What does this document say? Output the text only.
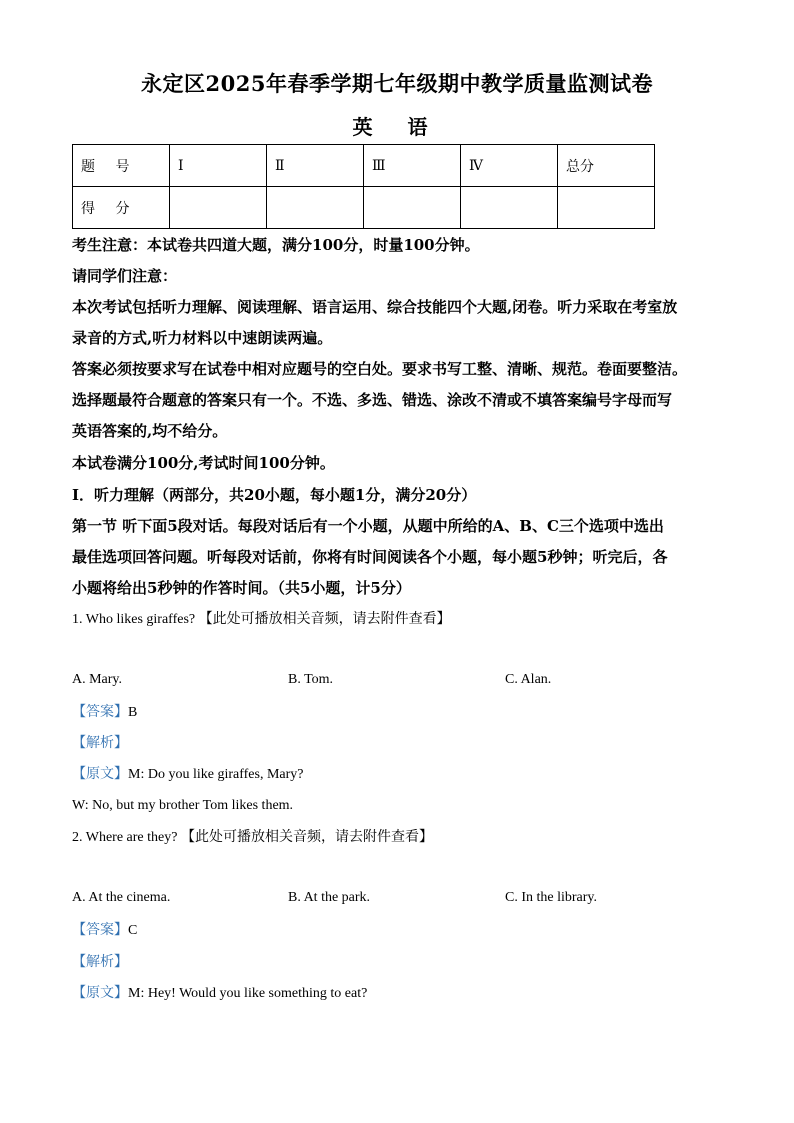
永定区2025年春季学期七年级期中教学质量监测试卷
英 语
题 号	Ⅰ	Ⅱ	Ⅲ	Ⅳ	总分
得 分					
考生注意：本试卷共四道大题，满分100分，时量100分钟。
请同学们注意：
本次考试包括听力理解、阅读理解、语言运用、综合技能四个大题,闭卷。听力采取在考室放
录音的方式,听力材料以中速朗读两遍。
答案必须按要求写在试卷中相对应题号的空白处。要求书写工整、清晰、规范。卷面要整洁。
选择题最符合题意的答案只有一个。不选、多选、错选、涂改不清或不填答案编号字母而写
英语答案的,均不给分。
本试卷满分100分,考试时间100分钟。
Ⅰ．听力理解（两部分，共20小题，每小题1分，满分20分）
第一节 听下面5段对话。每段对话后有一个小题，从题中所给的A、B、C三个选项中选出
最佳选项回答问题。听每段对话前，你将有时间阅读各个小题，每小题5秒钟；听完后，各
小题将给出5秒钟的作答时间。（共5小题，计5分）
1. Who likes giraffes? 【此处可播放相关音频，请去附件查看】
A. Mary.	B. Tom.	C. Alan.
【答案】B
【解析】
【原文】M: Do you like giraffes, Mary?
W: No, but my brother Tom likes them.
2. Where are they? 【此处可播放相关音频，请去附件查看】
A. At the cinema.	B. At the park.	C. In the library.
【答案】C
【解析】
【原文】M: Hey! Would you like something to eat?
